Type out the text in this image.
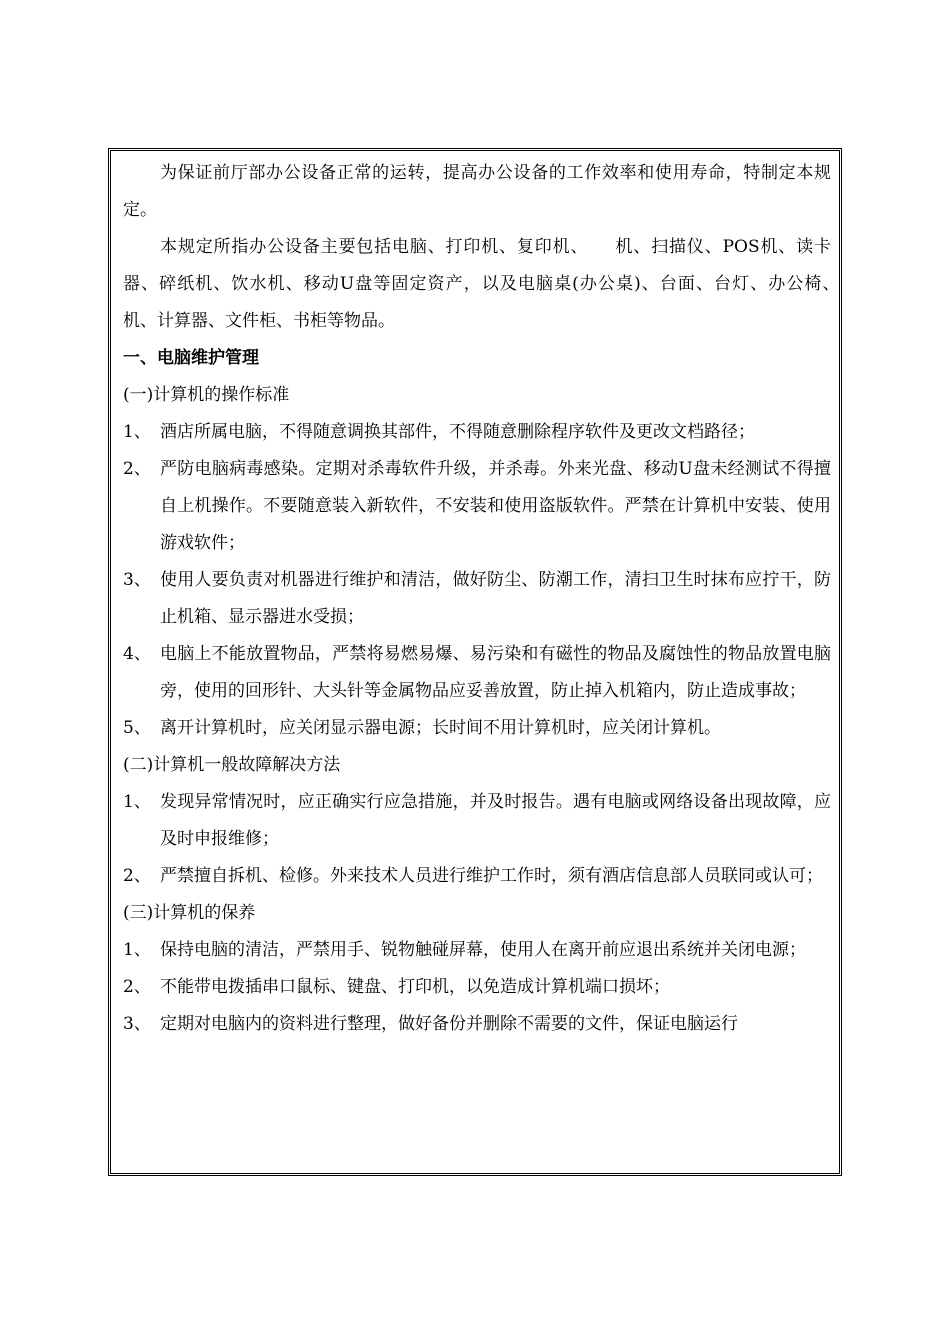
为保证前厅部办公设备正常的运转，提高办公设备的工作效率和使用寿命，特制定本规定。

本规定所指办公设备主要包括电脑、打印机、复印机、　　机、扫描仪、POS机、读卡器、碎纸机、饮水机、移动U盘等固定资产，以及电脑桌(办公桌)、台面、台灯、办公椅、　　机、计算器、文件柜、书柜等物品。

一、电脑维护管理

(一)计算机的操作标准

1、 酒店所属电脑，不得随意调换其部件，不得随意删除程序软件及更改文档路径；
2、 严防电脑病毒感染。定期对杀毒软件升级，并杀毒。外来光盘、移动U盘未经测试不得擅自上机操作。不要随意装入新软件，不安装和使用盗版软件。严禁在计算机中安装、使用游戏软件；
3、 使用人要负责对机器进行维护和清洁，做好防尘、防潮工作，清扫卫生时抹布应拧干，防止机箱、显示器进水受损；
4、 电脑上不能放置物品，严禁将易燃易爆、易污染和有磁性的物品及腐蚀性的物品放置电脑旁，使用的回形针、大头针等金属物品应妥善放置，防止掉入机箱内，防止造成事故；
5、 离开计算机时，应关闭显示器电源；长时间不用计算机时，应关闭计算机。

(二)计算机一般故障解决方法

1、 发现异常情况时，应正确实行应急措施，并及时报告。遇有电脑或网络设备出现故障，应及时申报维修；
2、 严禁擅自拆机、检修。外来技术人员进行维护工作时，须有酒店信息部人员联同或认可；

(三)计算机的保养

1、 保持电脑的清洁，严禁用手、锐物触碰屏幕，使用人在离开前应退出系统并关闭电源；
2、 不能带电拨插串口鼠标、键盘、打印机，以免造成计算机端口损坏；
3、 定期对电脑内的资料进行整理，做好备份并删除不需要的文件，保证电脑运行
